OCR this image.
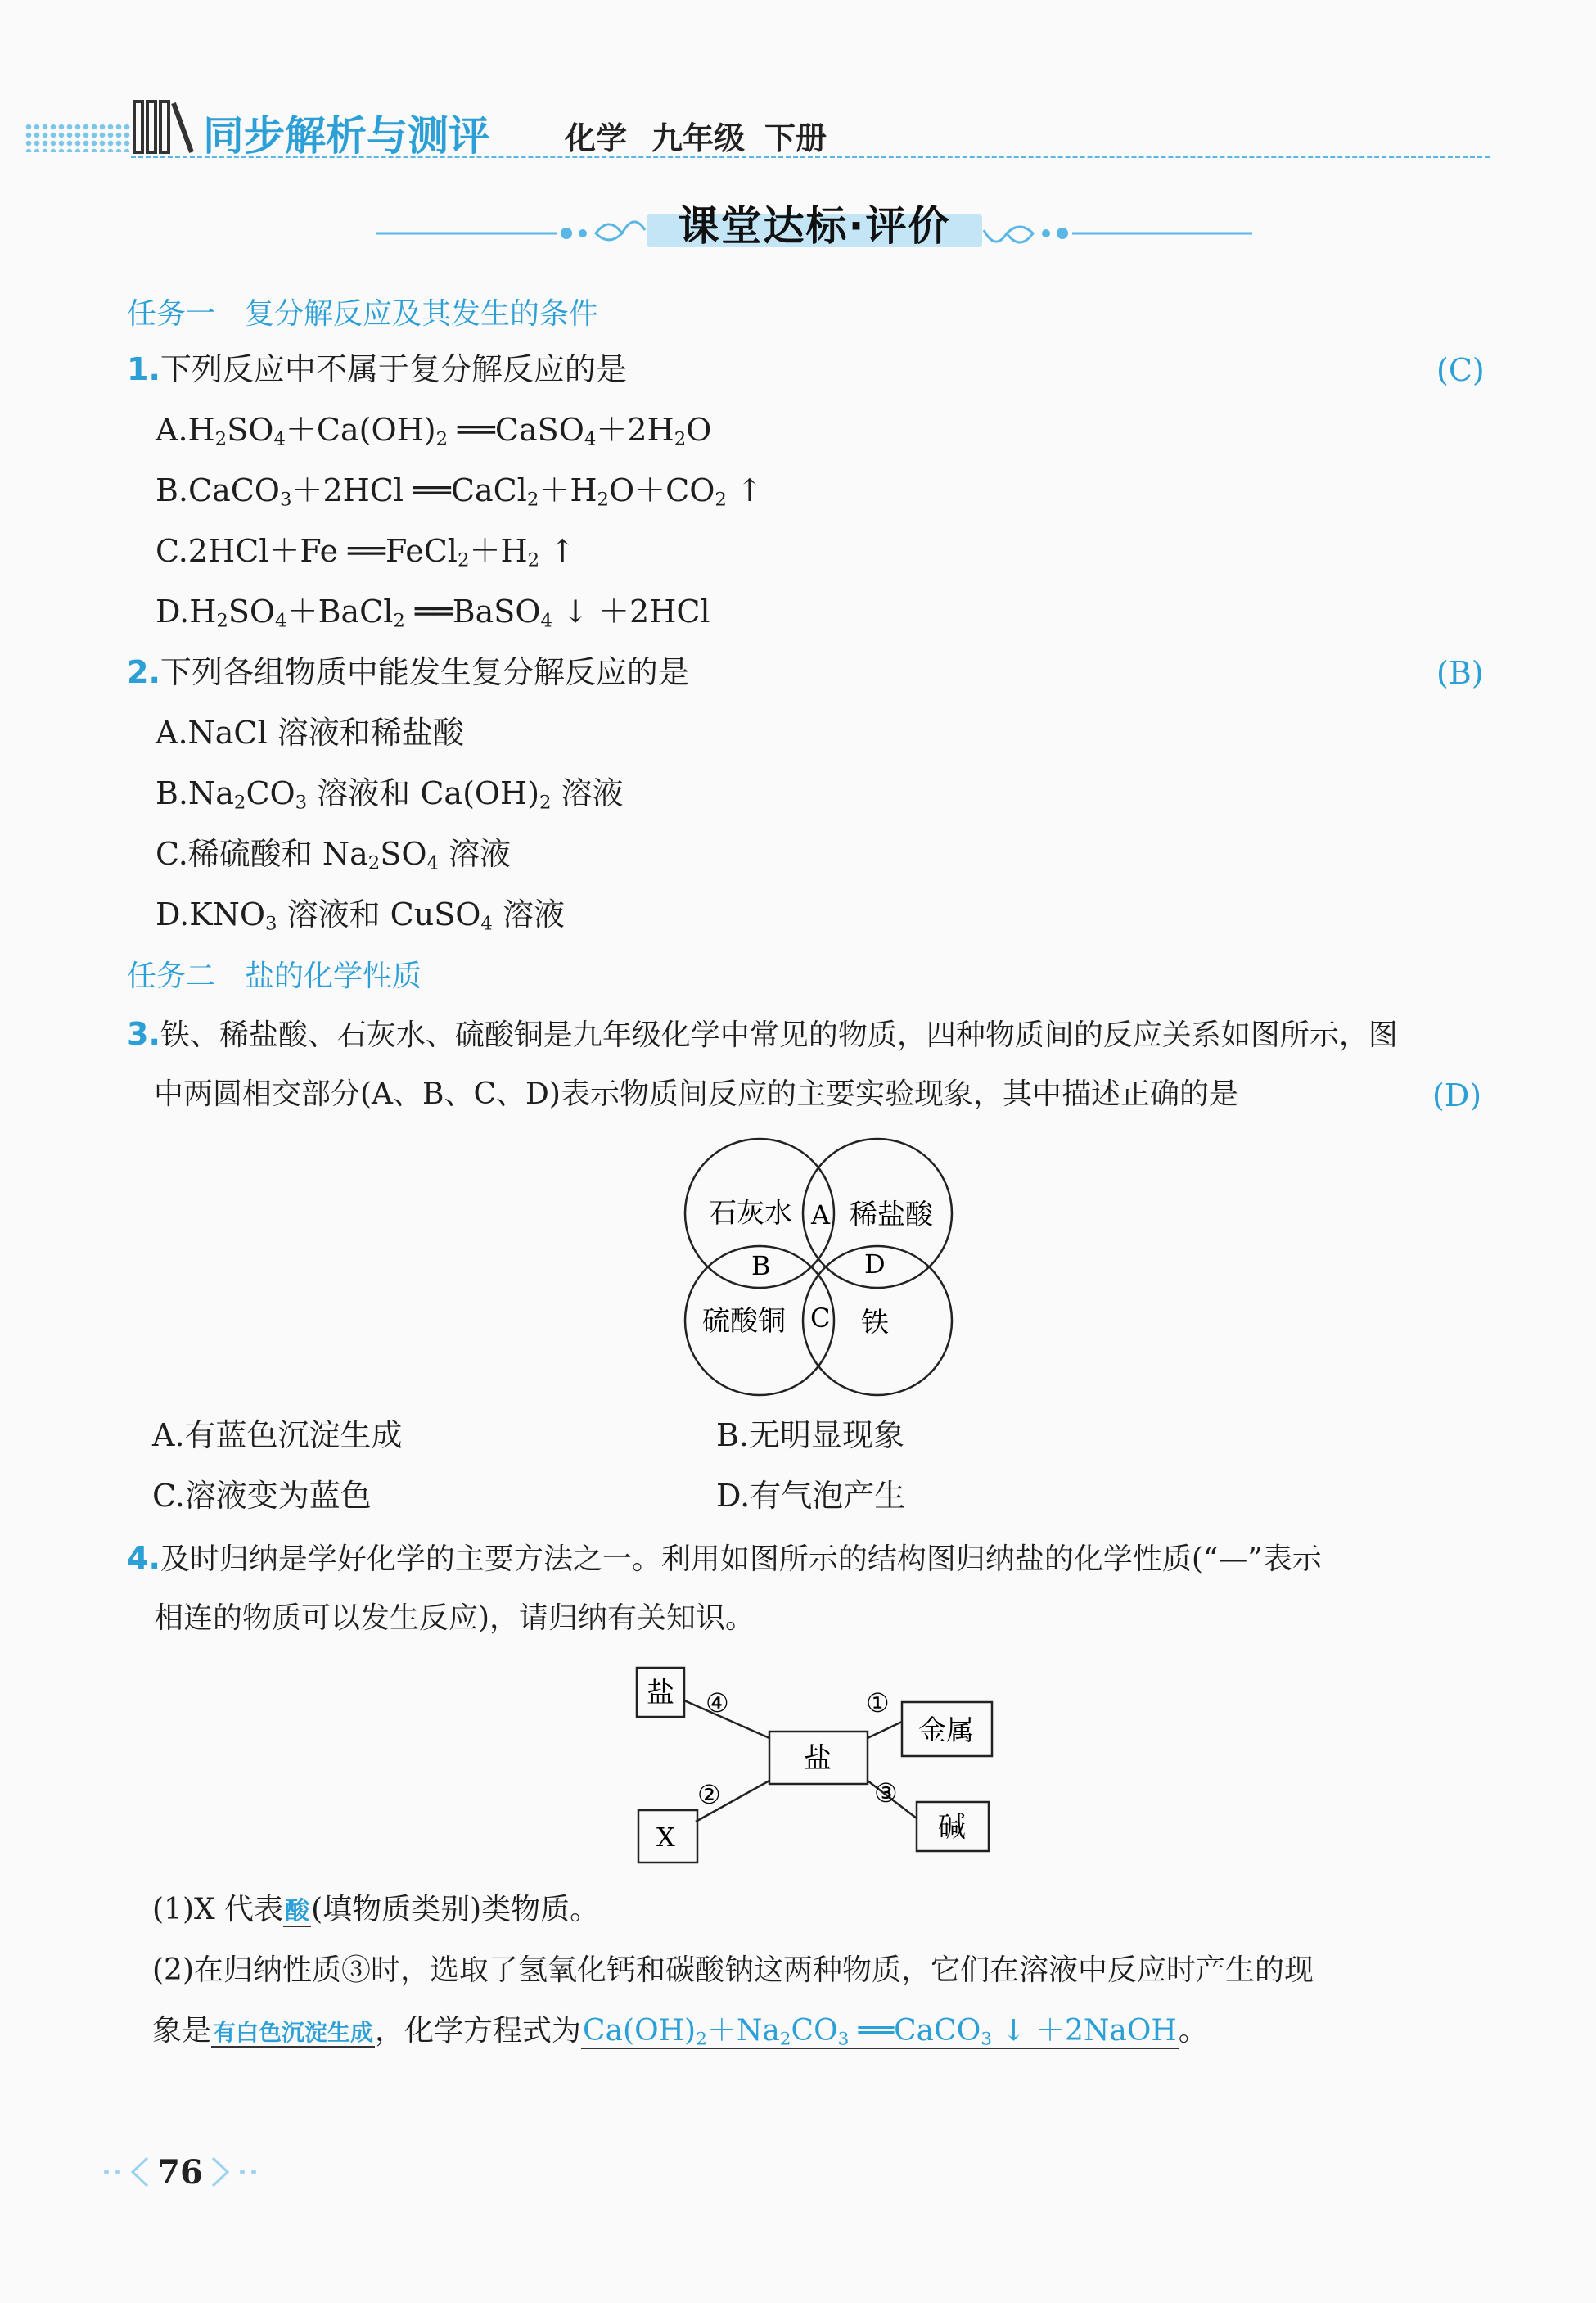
同步解析与测评 化学 九年级 下册
课堂达标·评价
任务一　复分解反应及其发生的条件
1.下列反应中不属于复分解反应的是	(C)
$A.H_2SO_4+Ca(OH)_2$ $══CaSO_4+2H_2O$
B.CaCO$_3$＋2HCl $══CaCl_2+H_2O+CO_2$ ↑
C.2HCl＋Fe $══FeCl_2+H_2$ ↑
$D.H_2SO_4+BaCl_2$ ══BaSO$_4$ ↓ ＋2HCl
2.下列各组物质中能发生复分解反应的是	(B)
A.NaCl 溶液和稀盐酸
$B.Na_2CO_3$ 溶液和 $Ca(OH)_2$ 溶液
C.稀硫酸和 $Na_2SO_4$ 溶液
$D.KNO_3$ 溶液和 CuSO$_4$ 溶液
任务二　盐的化学性质
3.铁、稀盐酸、石灰水、硫酸铜是九年级化学中常见的物质，四种物质间的反应关系如图所示，图
中两圆相交部分(A、B、C、D)表示物质间反应的主要实验现象，其中描述正确的是	(D)
石灰水 稀盐酸
硫酸铜	铁
A
B
C
D
A.有蓝色沉淀生成	B.无明显现象
C.溶液变为蓝色	D.有气泡产生
4.及时归纳是学好化学的主要方法之一。利用如图所示的结构图归纳盐的化学性质(“—”表示
相连的物质可以发生反应)，请归纳有关知识。
盐
金属
盐
X	碱
④	①
②	③
(1)X 代表酸(填物质类别)类物质。
(2)在归纳性质③时，选取了氢氧化钙和碳酸钠这两种物质，它们在溶液中反应时产生的现
象是有白色沉淀生成，化学方程式为$Ca(OH)_2+Na_2CO_3$ ══CaCO$_3$ ↓ ＋2NaOH。
76
